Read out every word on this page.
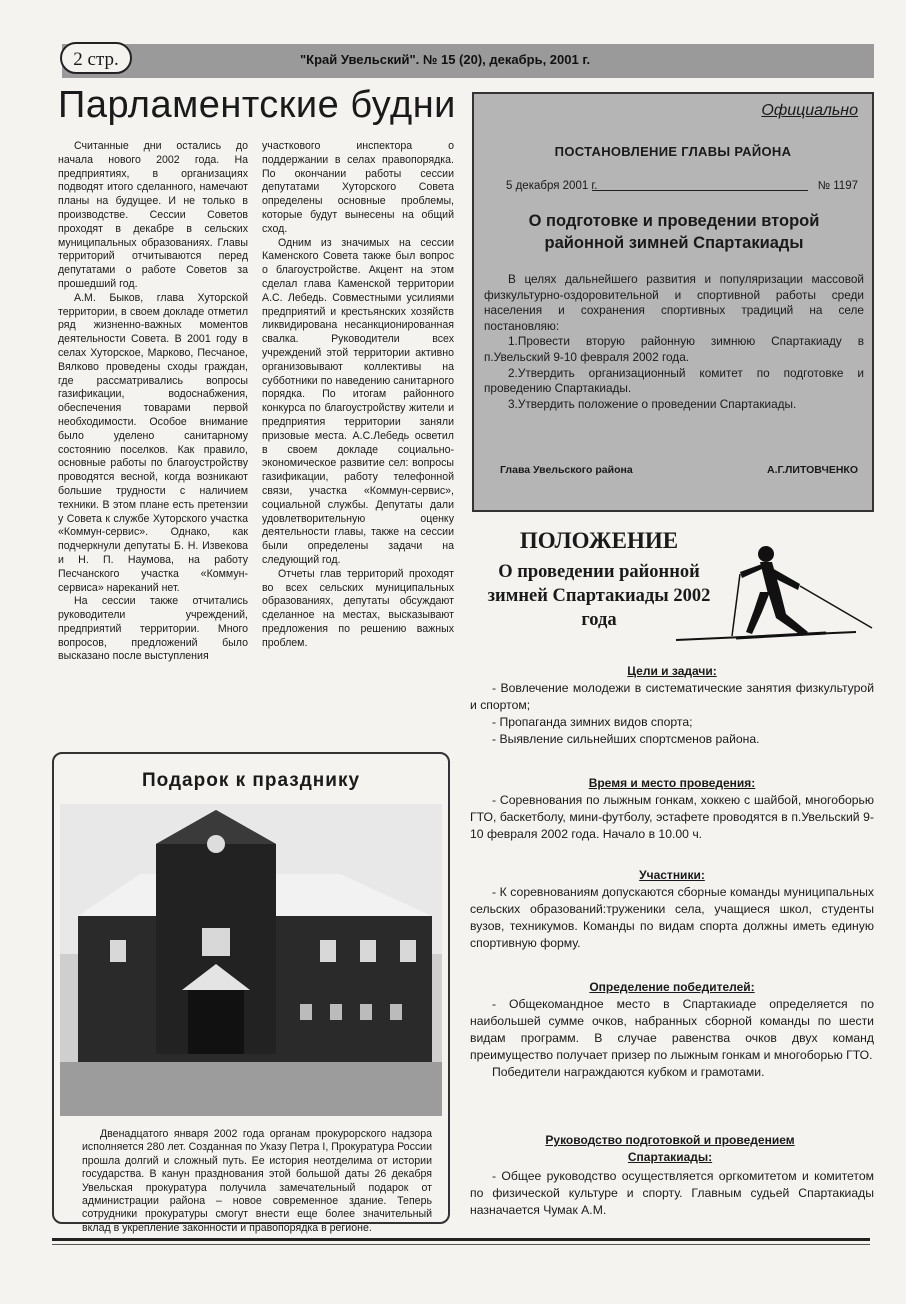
2 стр.	"Край Увельский". № 15 (20), декабрь, 2001 г.
Парламентские будни

Считанные дни остались до начала нового 2002 года. На предприятиях, в организациях подводят итого сделанного, намечают планы на будущее. И не только в производстве. Сессии Советов проходят в декабре в сельских муниципальных образованиях. Главы территорий отчитываются перед депутатами о работе Советов за прошедший год.

А.М. Быков, глава Хуторской территории, в своем докладе отметил ряд жизненно-важных моментов деятельности Совета. В 2001 году в селах Хуторское, Марково, Песчаное, Вялково проведены сходы граждан, где рассматривались вопросы газификации, водоснабжения, обеспечения товарами первой необходимости. Особое внимание было уделено санитарному состоянию поселков. Как правило, основные работы по благоустройству проводятся весной, когда возникают большие трудности с наличием техники. В этом плане есть претензии у Совета к службе Хуторского участка «Коммун-сервис». Однако, как подчеркнули депутаты Б. Н. Извекова и Н. П. Наумова, на работу Песчанского участка «Коммун-сервиса» нареканий нет.

На сессии также отчитались руководители учреждений, предприятий территории. Много вопросов, предложений было высказано после выступления

участкового инспектора о поддержании в селах правопорядка. По окончании работы сессии депутатами Хуторского Совета определены основные проблемы, которые будут вынесены на общий сход.

Одним из значимых на сессии Каменского Совета также был вопрос о благоустройстве. Акцент на этом сделал глава Каменской территории А.С. Лебедь. Совместными усилиями предприятий и крестьянских хозяйств ликвидирована несанкционированная свалка. Руководители всех учреждений этой территории активно организовывают коллективы на субботники по наведению санитарного порядка. По итогам районного конкурса по благоустройству жители и предприятия территории заняли призовые места. А.С.Лебедь осветил в своем докладе социально-экономическое развитие сел: вопросы газификации, работу телефонной связи, участка «Коммун-сервис», социальной службы. Депутаты дали удовлетворительную оценку деятельности главы, также на сессии были определены задачи на следующий год.

Отчеты глав территорий проходят во всех сельских муниципальных образованиях, депутаты обсуждают сделанное на местах, высказывают предложения по решению важных проблем.

Официально
ПОСТАНОВЛЕНИЕ ГЛАВЫ РАЙОНА
5 декабря 2001 г.	№ 1197
О подготовке и проведении второй районной зимней Спартакиады

В целях дальнейшего развития и популяризации массовой физкультурно-оздоровительной и спортивной работы среди населения и сохранения спортивных традиций на селе постановляю:

1.Провести вторую районную зимнюю Спартакиаду в п.Увельский 9-10 февраля 2002 года.

2.Утвердить организационный комитет по подготовке и проведению Спартакиады.

3.Утвердить положение о проведении Спартакиады.

Глава Увельского района	А.Г.ЛИТОВЧЕНКО
ПОЛОЖЕНИЕ
О проведении районной зимней Спартакиады 2002 года
Цели и задачи:

- Вовлечение молодежи в систематические занятия физкультурой и спортом;

- Пропаганда зимних видов спорта;

- Выявление сильнейших спортсменов района.

Время и место проведения:

- Соревнования по лыжным гонкам, хоккею с шайбой, многоборью ГТО, баскетболу, мини-футболу, эстафете проводятся в п.Увельский 9-10 февраля 2002 года. Начало в 10.00 ч.

Участники:

- К соревнованиям допускаются сборные команды муниципальных сельских образований:труженики села, учащиеся школ, студенты вузов, техникумов. Команды по видам спорта должны иметь единую спортивную форму.

Определение победителей:

- Общекомандное место в Спартакиаде определяется по наибольшей сумме очков, набранных сборной команды по шести видам программ. В случае равенства очков двух команд преимущество получает призер по лыжным гонкам и многоборью ГТО.

Победители награждаются кубком и грамотами.

Руководство подготовкой и проведением Спартакиады:

- Общее руководство осуществляется оргкомитетом и комитетом по физической культуре и спорту. Главным судьей Спартакиады назначается Чумак А.М.

Подарок к празднику

Двенадцатого января 2002 года органам прокурорского надзора исполняется 280 лет. Созданная по Указу Петра I, Прокуратура России прошла долгий и сложный путь. Ее история неотделима от истории государства. В канун празднования этой большой даты 26 декабря Увельская прокуратура получила замечательный подарок от администрации района – новое современное здание. Теперь сотрудники прокуратуры смогут внести еще более значительный вклад в укрепление законности и правопорядка в регионе.
